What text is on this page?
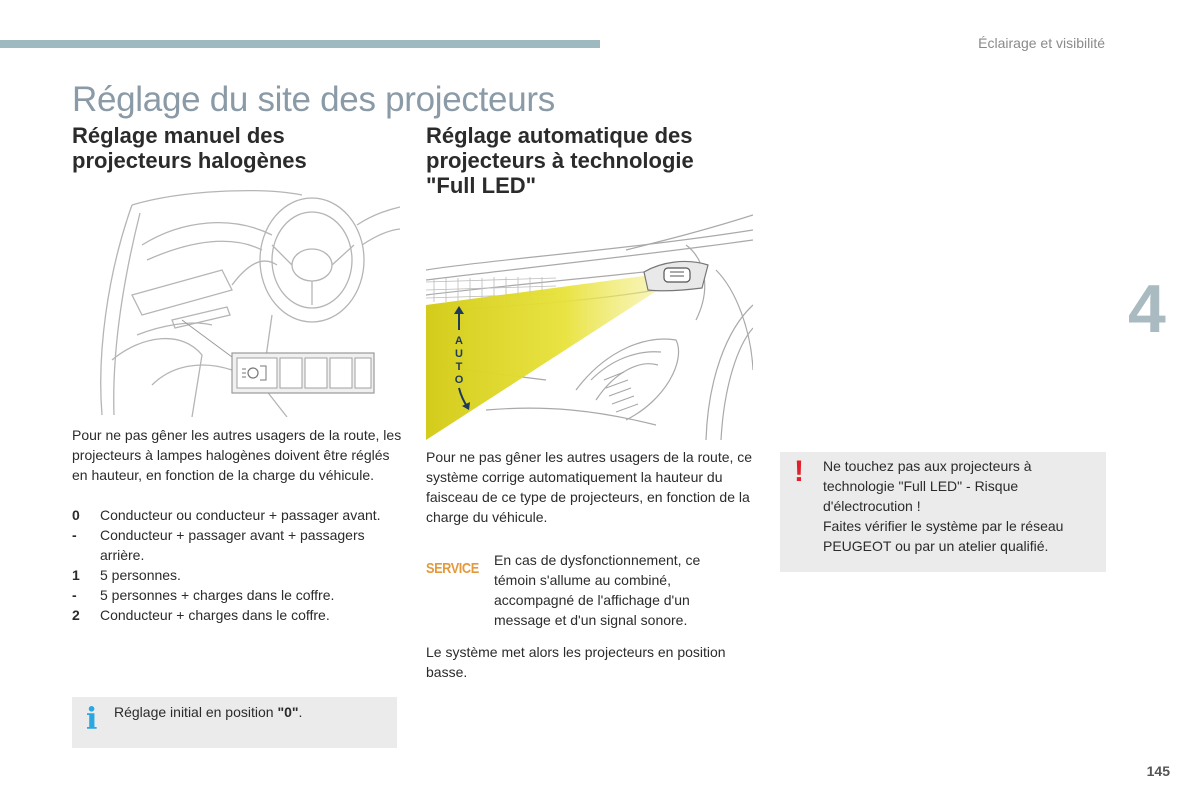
Éclairage et visibilité
Réglage du site des projecteurs
Réglage manuel des projecteurs halogènes
Réglage automatique des projecteurs à technologie "Full LED"
4
A
U
T
O

Pour ne pas gêner les autres usagers de la route, les projecteurs à lampes halogènes doivent être réglés en hauteur, en fonction de la charge du véhicule.

0	Conducteur ou conducteur + passager avant.
-	Conducteur + passager avant + passagers arrière.
1	5 personnes.
-	5 personnes + charges dans le coffre.
2	Conducteur + charges dans le coffre.

Pour ne pas gêner les autres usagers de la route, ce système corrige automatiquement la hauteur du faisceau de ce type de projecteurs, en fonction de la charge du véhicule.

SERVICE En cas de dysfonctionnement, ce témoin s'allume au combiné, accompagné de l'affichage d'un message et d'un signal sonore.

Le système met alors les projecteurs en position basse.

i Réglage initial en position "0".

! Ne touchez pas aux projecteurs à technologie "Full LED" - Risque d'électrocution !

Faites vérifier le système par le réseau PEUGEOT ou par un atelier qualifié.

145
